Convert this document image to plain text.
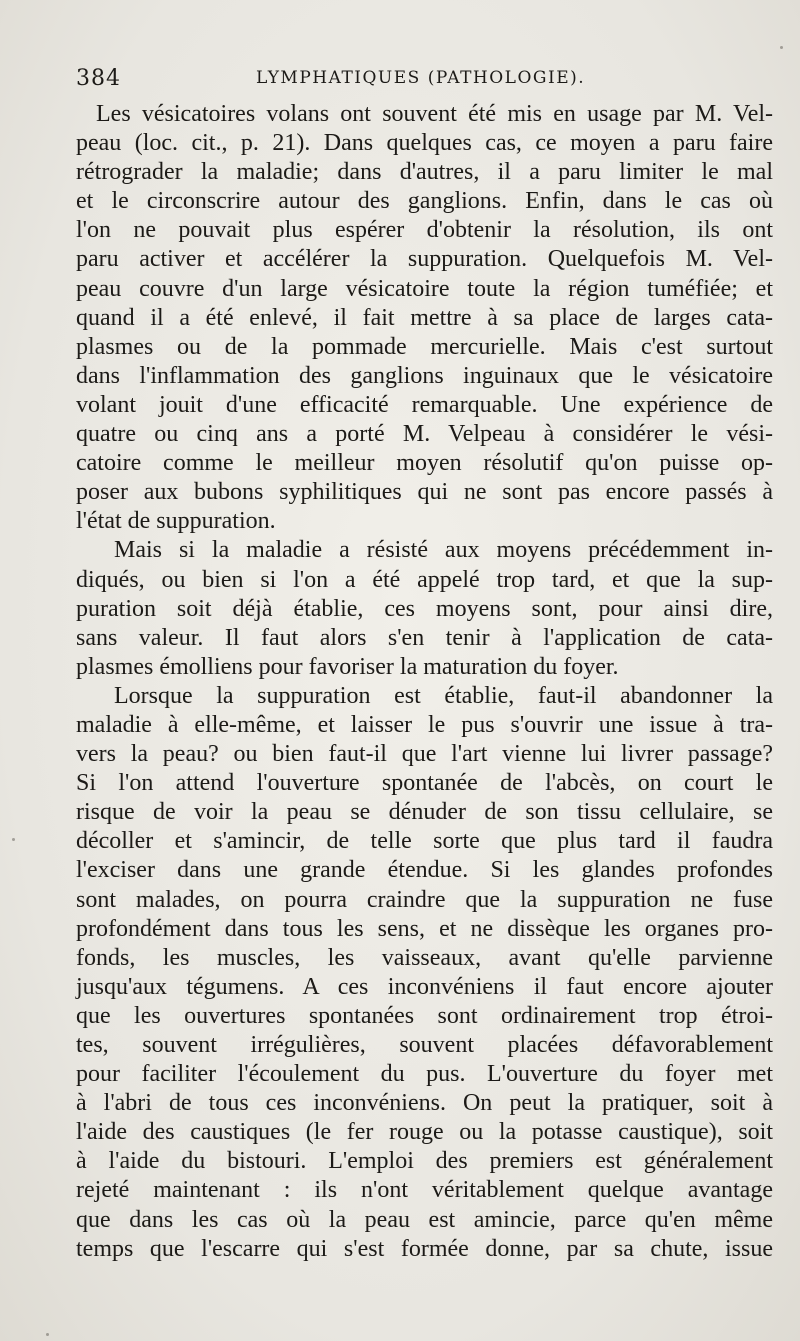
384	LYMPHATIQUES (PATHOLOGIE).
Les vésicatoires volans ont souvent été mis en usage par M. Vel-
peau (loc. cit., p. 21). Dans quelques cas, ce moyen a paru faire
rétrograder la maladie; dans d'autres, il a paru limiter le mal
et le circonscrire autour des ganglions. Enfin, dans le cas où
l'on ne pouvait plus espérer d'obtenir la résolution, ils ont
paru activer et accélérer la suppuration. Quelquefois M. Vel-
peau couvre d'un large vésicatoire toute la région tuméfiée; et
quand il a été enlevé, il fait mettre à sa place de larges cata-
plasmes ou de la pommade mercurielle. Mais c'est surtout
dans l'inflammation des ganglions inguinaux que le vésicatoire
volant jouit d'une efficacité remarquable. Une expérience de
quatre ou cinq ans a porté M. Velpeau à considérer le vési-
catoire comme le meilleur moyen résolutif qu'on puisse op-
poser aux bubons syphilitiques qui ne sont pas encore passés à
l'état de suppuration.
Mais si la maladie a résisté aux moyens précédemment in-
diqués, ou bien si l'on a été appelé trop tard, et que la sup-
puration soit déjà établie, ces moyens sont, pour ainsi dire,
sans valeur. Il faut alors s'en tenir à l'application de cata-
plasmes émolliens pour favoriser la maturation du foyer.
Lorsque la suppuration est établie, faut-il abandonner la
maladie à elle-même, et laisser le pus s'ouvrir une issue à tra-
vers la peau? ou bien faut-il que l'art vienne lui livrer passage?
Si l'on attend l'ouverture spontanée de l'abcès, on court le
risque de voir la peau se dénuder de son tissu cellulaire, se
décoller et s'amincir, de telle sorte que plus tard il faudra
l'exciser dans une grande étendue. Si les glandes profondes
sont malades, on pourra craindre que la suppuration ne fuse
profondément dans tous les sens, et ne dissèque les organes pro-
fonds, les muscles, les vaisseaux, avant qu'elle parvienne
jusqu'aux tégumens. A ces inconvéniens il faut encore ajouter
que les ouvertures spontanées sont ordinairement trop étroi-
tes, souvent irrégulières, souvent placées défavorablement
pour faciliter l'écoulement du pus. L'ouverture du foyer met
à l'abri de tous ces inconvéniens. On peut la pratiquer, soit à
l'aide des caustiques (le fer rouge ou la potasse caustique), soit
à l'aide du bistouri. L'emploi des premiers est généralement
rejeté maintenant : ils n'ont véritablement quelque avantage
que dans les cas où la peau est amincie, parce qu'en même
temps que l'escarre qui s'est formée donne, par sa chute, issue
